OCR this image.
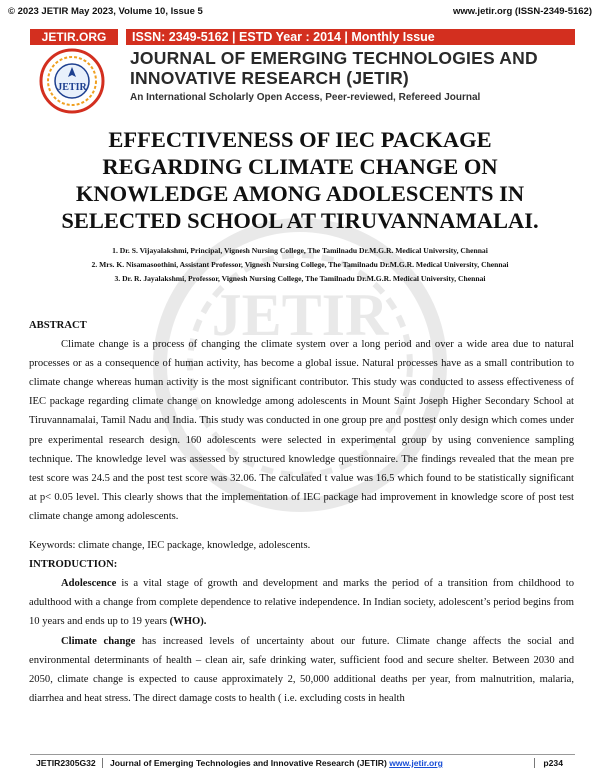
© 2023 JETIR May 2023, Volume 10, Issue 5	www.jetir.org (ISSN-2349-5162)
JETIR.ORG
JETIR
ISSN: 2349-5162 | ESTD Year : 2014 | Monthly Issue
JOURNAL OF EMERGING TECHNOLOGIES AND
INNOVATIVE RESEARCH (JETIR)
An International Scholarly Open Access, Peer-reviewed, Refereed Journal
JETIR
EFFECTIVENESS OF IEC PACKAGE
REGARDING CLIMATE CHANGE ON
KNOWLEDGE AMONG ADOLESCENTS IN
SELECTED SCHOOL AT TIRUVANNAMALAI.
1. Dr. S. Vijayalakshmi, Principal, Vignesh Nursing College, The Tamilnadu Dr.M.G.R. Medical University, Chennai
2. Mrs. K. Nisamasoothini, Assistant Professor, Vignesh Nursing College, The Tamilnadu Dr.M.G.R. Medical University, Chennai
3. Dr. R. Jayalakshmi, Professor, Vignesh Nursing College, The Tamilnadu Dr.M.G.R. Medical University, Chennai
ABSTRACT

Climate change is a process of changing the climate system over a long period and over a wide area due to natural processes or as a consequence of human activity, has become a global issue. Natural processes have as a small contribution to climate change whereas human activity is the most significant contributor. This study was conducted to assess effectiveness of IEC package regarding climate change on knowledge among adolescents in Mount Saint Joseph Higher Secondary School at Tiruvannamalai, Tamil Nadu and India. This study was conducted in one group pre and posttest only design which comes under pre experimental research design. 160 adolescents were selected in experimental group by using convenience sampling technique. The knowledge level was assessed by structured knowledge questionnaire. The findings revealed that the mean pre test score was 24.5 and the post test score was 32.06. The calculated t value was 16.5 which found to be statistically significant at p< 0.05 level. This clearly shows that the implementation of IEC package had improvement in knowledge score of post test climate change among adolescents.

Keywords: climate change, IEC package, knowledge, adolescents.

INTRODUCTION:

Adolescence is a vital stage of growth and development and marks the period of a transition from childhood to adulthood with a change from complete dependence to relative independence. In Indian society, adolescent’s period begins from 10 years and ends up to 19 years (WHO).

Climate change has increased levels of uncertainty about our future. Climate change affects the social and environmental determinants of health – clean air, safe drinking water, sufficient food and secure shelter. Between 2030 and 2050, climate change is expected to cause approximately 2, 50,000 additional deaths per year, from malnutrition, malaria, diarrhea and heat stress. The direct damage costs to health ( i.e. excluding costs in health

JETIR2305G32	Journal of Emerging Technologies and Innovative Research (JETIR) www.jetir.org	p234
